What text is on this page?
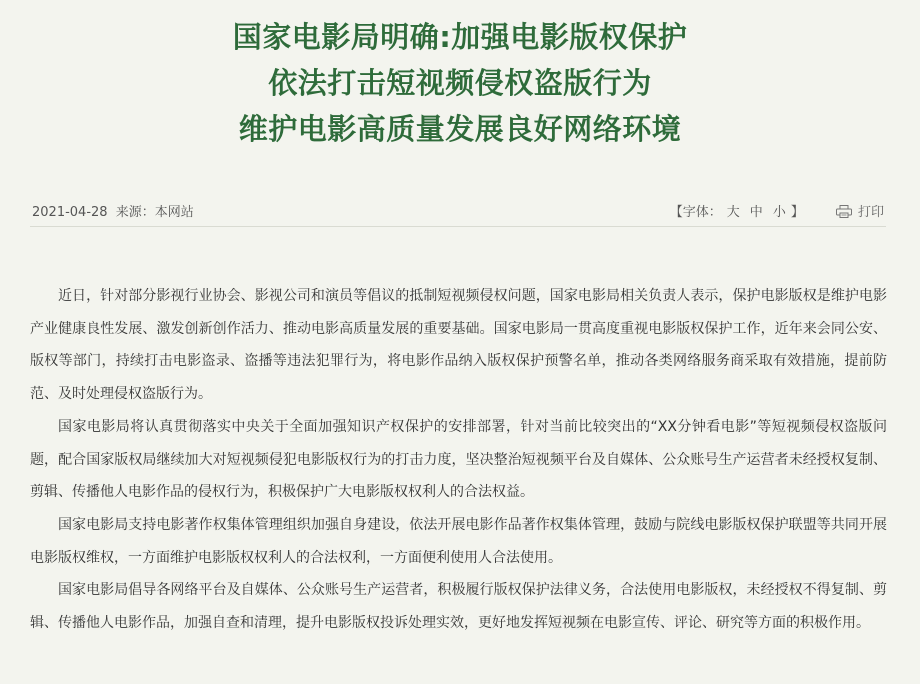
国家电影局明确:加强电影版权保护
依法打击短视频侵权盗版行为
维护电影高质量发展良好网络环境
2021-04-28 来源：本网站	【字体： 大 中 小 】	打印

近日，针对部分影视行业协会、影视公司和演员等倡议的抵制短视频侵权问题，国家电影局相关负责人表示，保护电影版权是维护电影产业健康良性发展、激发创新创作活力、推动电影高质量发展的重要基础。国家电影局一贯高度重视电影版权保护工作，近年来会同公安、版权等部门，持续打击电影盗录、盗播等违法犯罪行为，将电影作品纳入版权保护预警名单，推动各类网络服务商采取有效措施，提前防范、及时处理侵权盗版行为。

国家电影局将认真贯彻落实中央关于全面加强知识产权保护的安排部署，针对当前比较突出的“XX分钟看电影”等短视频侵权盗版问题，配合国家版权局继续加大对短视频侵犯电影版权行为的打击力度，坚决整治短视频平台及自媒体、公众账号生产运营者未经授权复制、剪辑、传播他人电影作品的侵权行为，积极保护广大电影版权权利人的合法权益。

国家电影局支持电影著作权集体管理组织加强自身建设，依法开展电影作品著作权集体管理，鼓励与院线电影版权保护联盟等共同开展电影版权维权，一方面维护电影版权权利人的合法权利，一方面便利使用人合法使用。

国家电影局倡导各网络平台及自媒体、公众账号生产运营者，积极履行版权保护法律义务，合法使用电影版权，未经授权不得复制、剪辑、传播他人电影作品，加强自查和清理，提升电影版权投诉处理实效，更好地发挥短视频在电影宣传、评论、研究等方面的积极作用。
